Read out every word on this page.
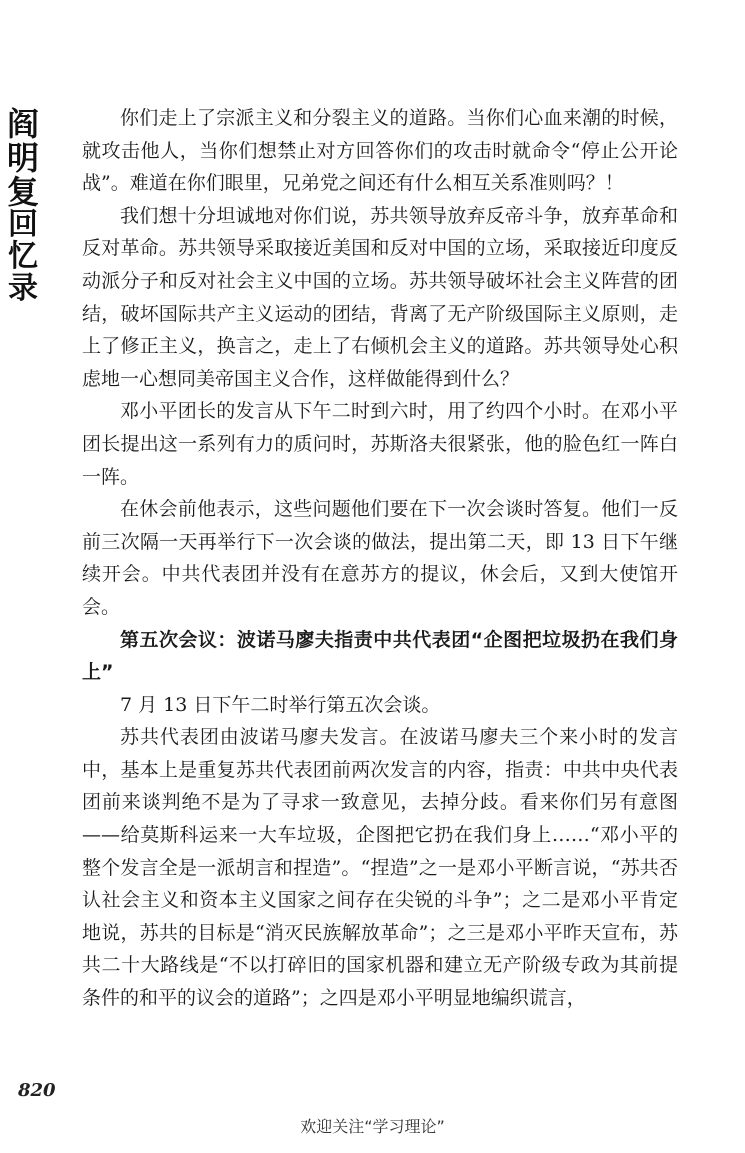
阎
明
复
回
忆
录

你们走上了宗派主义和分裂主义的道路。当你们心血来潮的时候，就攻击他人，当你们想禁止对方回答你们的攻击时就命令“停止公开论战”。难道在你们眼里，兄弟党之间还有什么相互关系准则吗？！

我们想十分坦诚地对你们说，苏共领导放弃反帝斗争，放弃革命和反对革命。苏共领导采取接近美国和反对中国的立场，采取接近印度反动派分子和反对社会主义中国的立场。苏共领导破坏社会主义阵营的团结，破坏国际共产主义运动的团结，背离了无产阶级国际主义原则，走上了修正主义，换言之，走上了右倾机会主义的道路。苏共领导处心积虑地一心想同美帝国主义合作，这样做能得到什么？

邓小平团长的发言从下午二时到六时，用了约四个小时。在邓小平团长提出这一系列有力的质问时，苏斯洛夫很紧张，他的脸色红一阵白一阵。

在休会前他表示，这些问题他们要在下一次会谈时答复。他们一反前三次隔一天再举行下一次会谈的做法，提出第二天，即 13 日下午继续开会。中共代表团并没有在意苏方的提议，休会后，又到大使馆开会。

第五次会议：波诺马廖夫指责中共代表团“企图把垃圾扔在我们身上”

7 月 13 日下午二时举行第五次会谈。

苏共代表团由波诺马廖夫发言。在波诺马廖夫三个来小时的发言中，基本上是重复苏共代表团前两次发言的内容，指责：中共中央代表团前来谈判绝不是为了寻求一致意见，去掉分歧。看来你们另有意图——给莫斯科运来一大车垃圾，企图把它扔在我们身上……“邓小平的整个发言全是一派胡言和捏造”。“捏造”之一是邓小平断言说，“苏共否认社会主义和资本主义国家之间存在尖锐的斗争”；之二是邓小平肯定地说，苏共的目标是“消灭民族解放革命”；之三是邓小平昨天宣布，苏共二十大路线是“不以打碎旧的国家机器和建立无产阶级专政为其前提条件的和平的议会的道路”；之四是邓小平明显地编织谎言，

820
欢迎关注“学习理论”
